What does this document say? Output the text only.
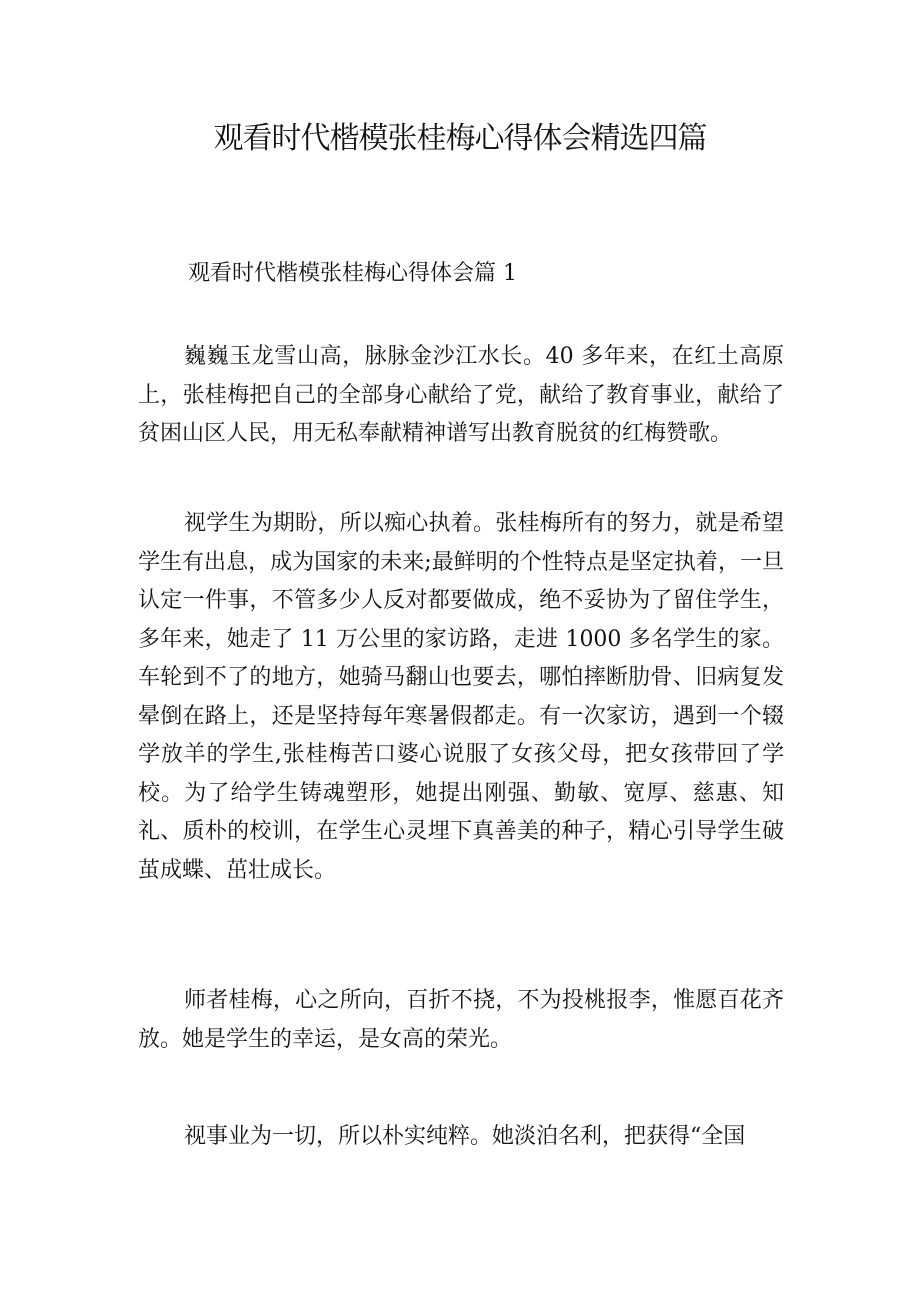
观看时代楷模张桂梅心得体会精选四篇
观看时代楷模张桂梅心得体会篇 1

巍巍玉龙雪山高，脉脉金沙江水长。40 多年来，在红土高原上，张桂梅把自己的全部身心献给了党，献给了教育事业，献给了贫困山区人民，用无私奉献精神谱写出教育脱贫的红梅赞歌。

视学生为期盼，所以痴心执着。张桂梅所有的努力，就是希望学生有出息，成为国家的未来;最鲜明的个性特点是坚定执着，一旦认定一件事，不管多少人反对都要做成，绝不妥协为了留住学生，多年来，她走了 11 万公里的家访路，走进 1000 多名学生的家。车轮到不了的地方，她骑马翻山也要去，哪怕摔断肋骨、旧病复发晕倒在路上，还是坚持每年寒暑假都走。有一次家访，遇到一个辍学放羊的学生,张桂梅苦口婆心说服了女孩父母，把女孩带回了学校。为了给学生铸魂塑形，她提出刚强、勤敏、宽厚、慈惠、知礼、质朴的校训，在学生心灵埋下真善美的种子，精心引导学生破茧成蝶、茁壮成长。

师者桂梅，心之所向，百折不挠，不为投桃报李，惟愿百花齐放。她是学生的幸运，是女高的荣光。

视事业为一切，所以朴实纯粹。她淡泊名利，把获得“全国
